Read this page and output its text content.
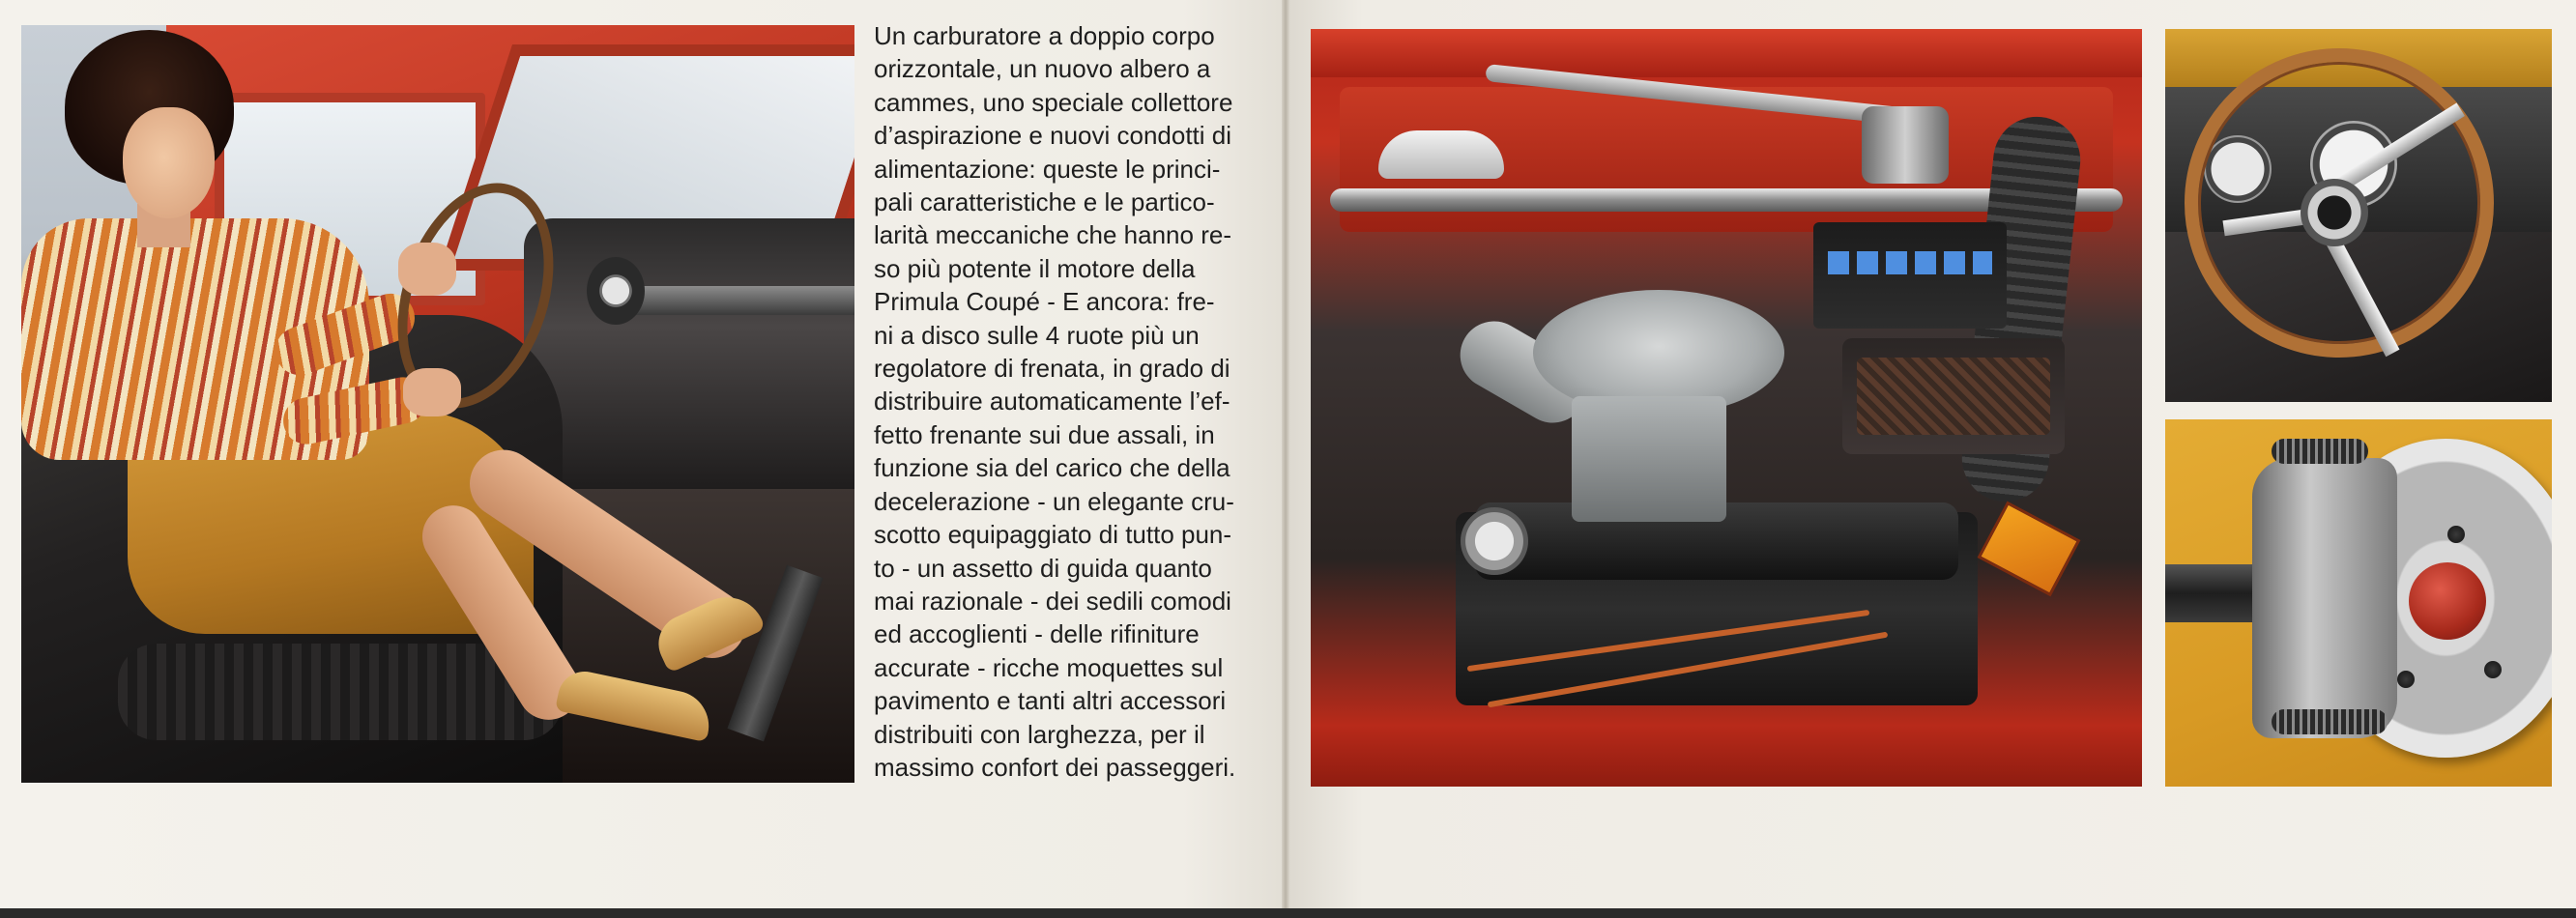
Un carburatore a doppio corpo
orizzontale, un nuovo albero a
cammes, uno speciale collettore
d’aspirazione e nuovi condotti di
alimentazione: queste le princi-
pali caratteristiche e le partico-
larità meccaniche che hanno re-
so più potente il motore della
Primula Coupé - E ancora: fre-
ni a disco sulle 4 ruote più un
regolatore di frenata, in grado di
distribuire automaticamente l’ef-
fetto frenante sui due assali, in
funzione sia del carico che della
decelerazione - un elegante cru-
scotto equipaggiato di tutto pun-
to - un assetto di guida quanto
mai razionale - dei sedili comodi
ed accoglienti - delle rifiniture
accurate - ricche moquettes sul
pavimento e tanti altri accessori
distribuiti con larghezza, per il
massimo confort dei passeggeri.
